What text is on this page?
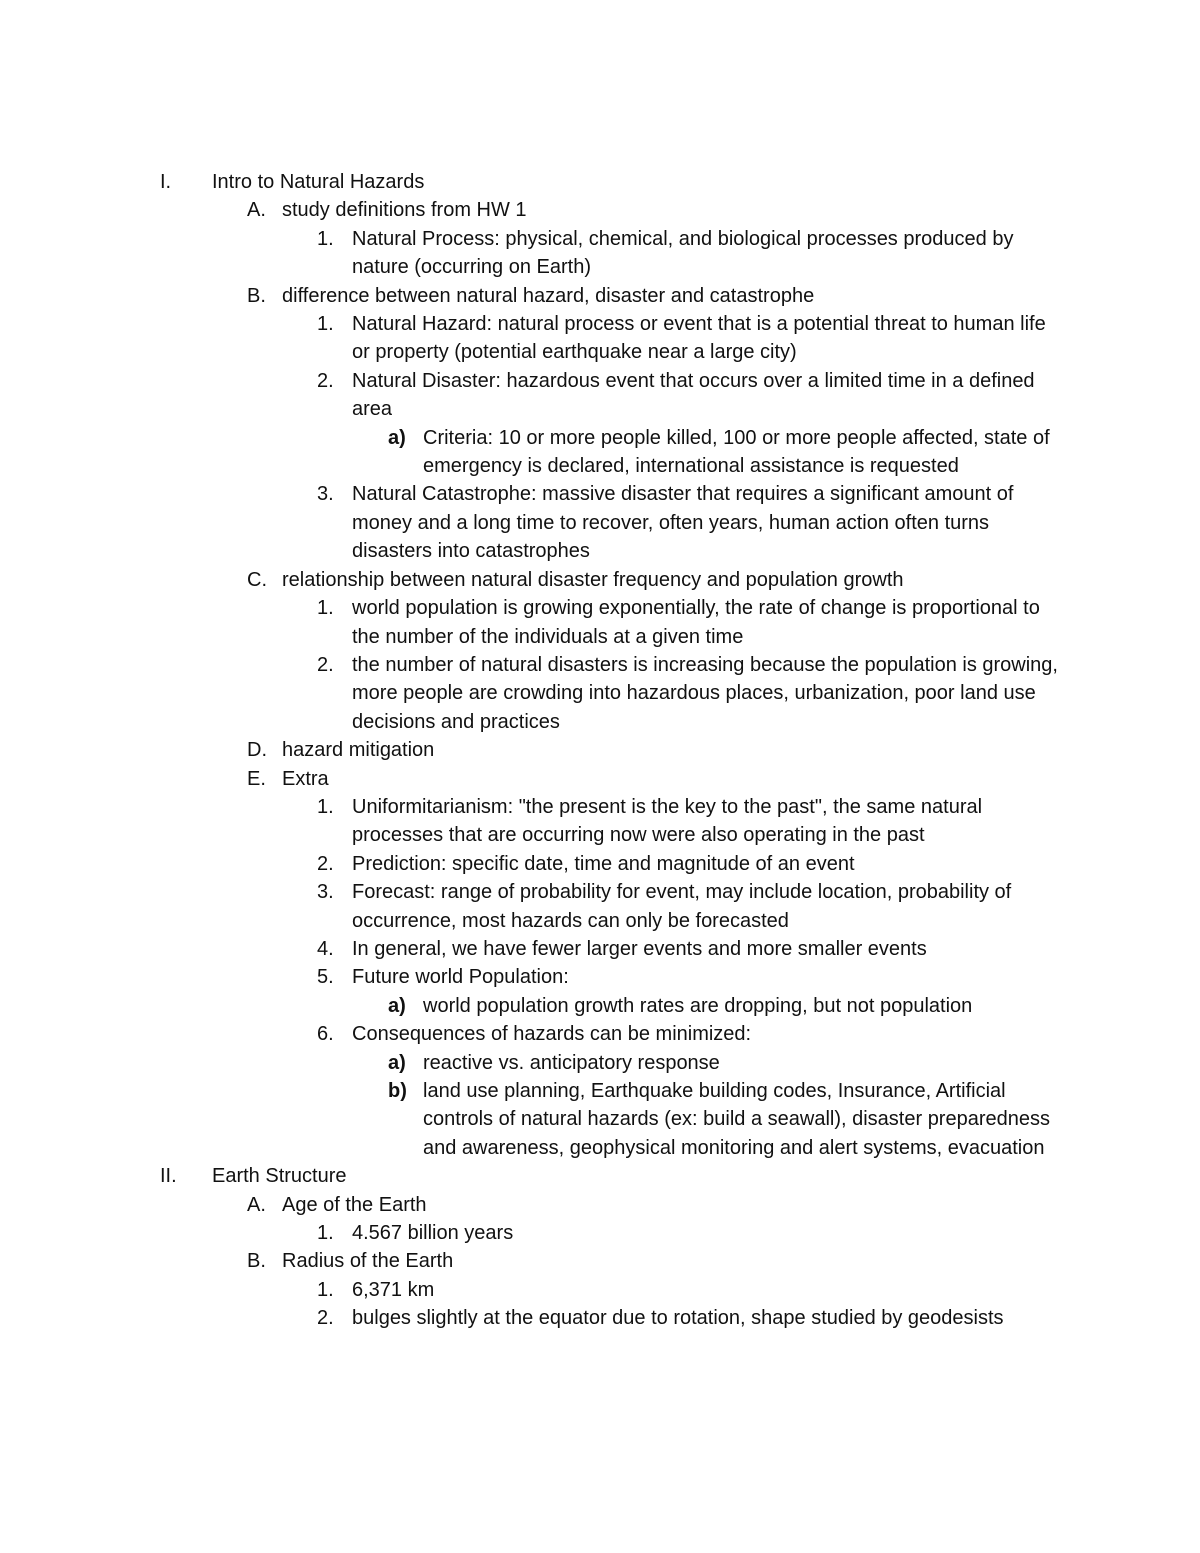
I. Intro to Natural Hazards
A. study definitions from HW 1
1. Natural Process: physical, chemical, and biological processes produced by nature (occurring on Earth)
B. difference between natural hazard, disaster and catastrophe
1. Natural Hazard: natural process or event that is a potential threat to human life or property (potential earthquake near a large city)
2. Natural Disaster: hazardous event that occurs over a limited time in a defined area
a) Criteria: 10 or more people killed, 100 or more people affected, state of emergency is declared, international assistance is requested
3. Natural Catastrophe: massive disaster that requires a significant amount of money and a long time to recover, often years, human action often turns disasters into catastrophes
C. relationship between natural disaster frequency and population growth
1. world population is growing exponentially, the rate of change is proportional to the number of the individuals at a given time
2. the number of natural disasters is increasing because the population is growing, more people are crowding into hazardous places, urbanization, poor land use decisions and practices
D. hazard mitigation
E. Extra
1. Uniformitarianism: "the present is the key to the past", the same natural processes that are occurring now were also operating in the past
2. Prediction: specific date, time and magnitude of an event
3. Forecast: range of probability for event, may include location, probability of occurrence, most hazards can only be forecasted
4. In general, we have fewer larger events and more smaller events
5. Future world Population:
a) world population growth rates are dropping, but not population
6. Consequences of hazards can be minimized:
a) reactive vs. anticipatory response
b) land use planning, Earthquake building codes, Insurance, Artificial controls of natural hazards (ex: build a seawall), disaster preparedness and awareness, geophysical monitoring and alert systems, evacuation
II. Earth Structure
A. Age of the Earth
1. 4.567 billion years
B. Radius of the Earth
1. 6,371 km
2. bulges slightly at the equator due to rotation, shape studied by geodesists
